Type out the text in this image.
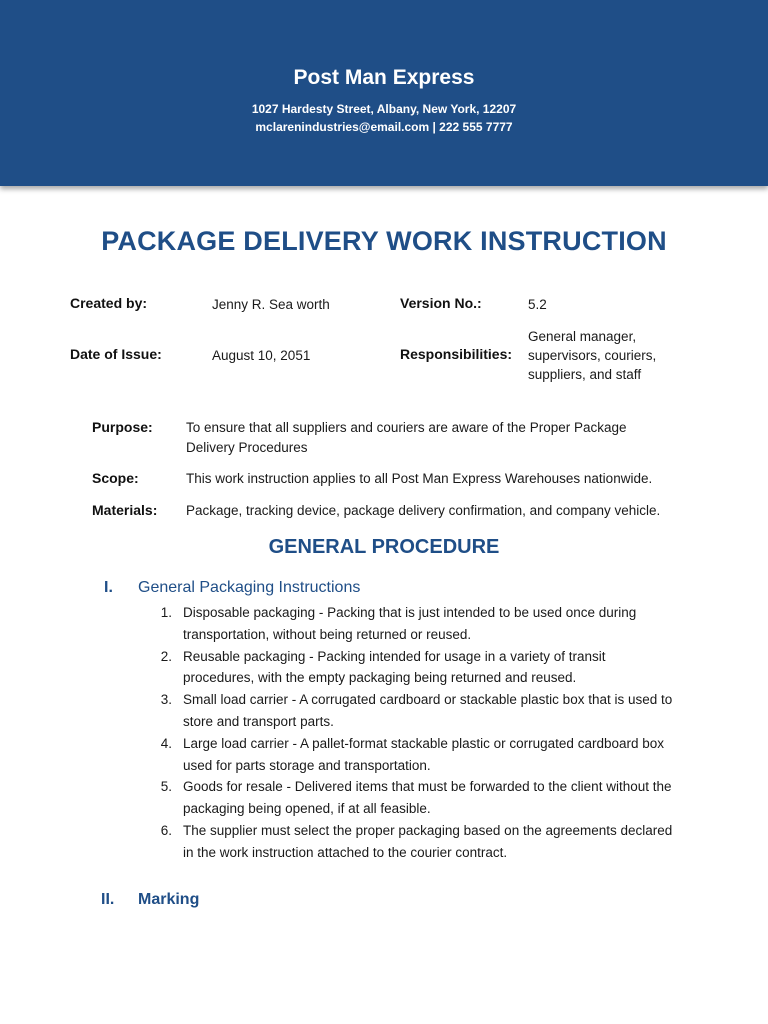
Post Man Express
1027 Hardesty Street, Albany, New York, 12207
mclarenindustries@email.com | 222 555 7777
PACKAGE DELIVERY WORK INSTRUCTION
Created by:	Jenny R. Sea worth	Version No.:	5.2
Date of Issue:	August 10, 2051	Responsibilities:
General manager, supervisors, couriers, suppliers, and staff
Purpose: To ensure that all suppliers and couriers are aware of the Proper Package Delivery Procedures
Scope:	This work instruction applies to all Post Man Express Warehouses nationwide.
Materials: Package, tracking device, package delivery confirmation, and company vehicle.
GENERAL PROCEDURE
I. General Packaging Instructions
1. Disposable packaging - Packing that is just intended to be used once during transportation, without being returned or reused.
2. Reusable packaging - Packing intended for usage in a variety of transit procedures, with the empty packaging being returned and reused.
3. Small load carrier - A corrugated cardboard or stackable plastic box that is used to store and transport parts.
4. Large load carrier - A pallet-format stackable plastic or corrugated cardboard box used for parts storage and transportation.
5. Goods for resale - Delivered items that must be forwarded to the client without the packaging being opened, if at all feasible.
6. The supplier must select the proper packaging based on the agreements declared in the work instruction attached to the courier contract.
II. Marking
